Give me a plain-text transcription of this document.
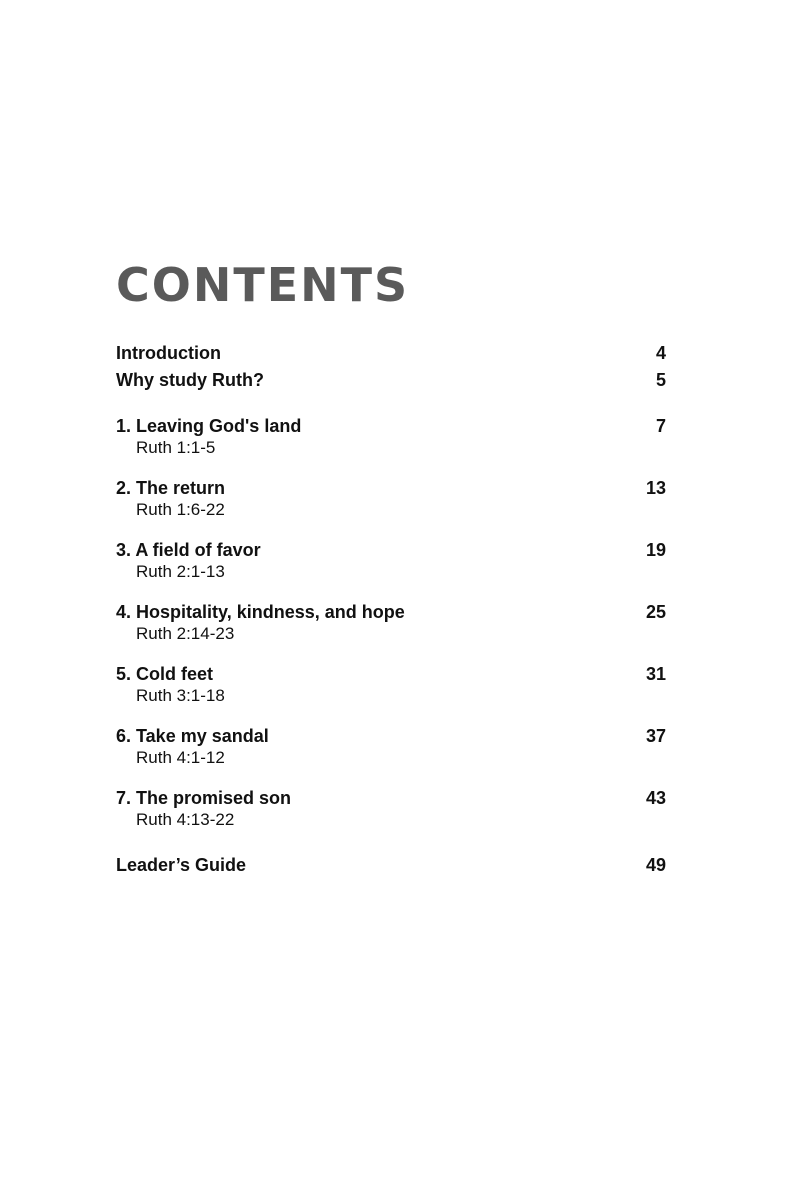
CONTENTS
Introduction	4
Why study Ruth?	5
1. Leaving God's land	7
Ruth 1:1-5
2. The return	13
Ruth 1:6-22
3. A field of favor	19
Ruth 2:1-13
4. Hospitality, kindness, and hope	25
Ruth 2:14-23
5. Cold feet	31
Ruth 3:1-18
6. Take my sandal	37
Ruth 4:1-12
7. The promised son	43
Ruth 4:13-22
Leader’s Guide	49
